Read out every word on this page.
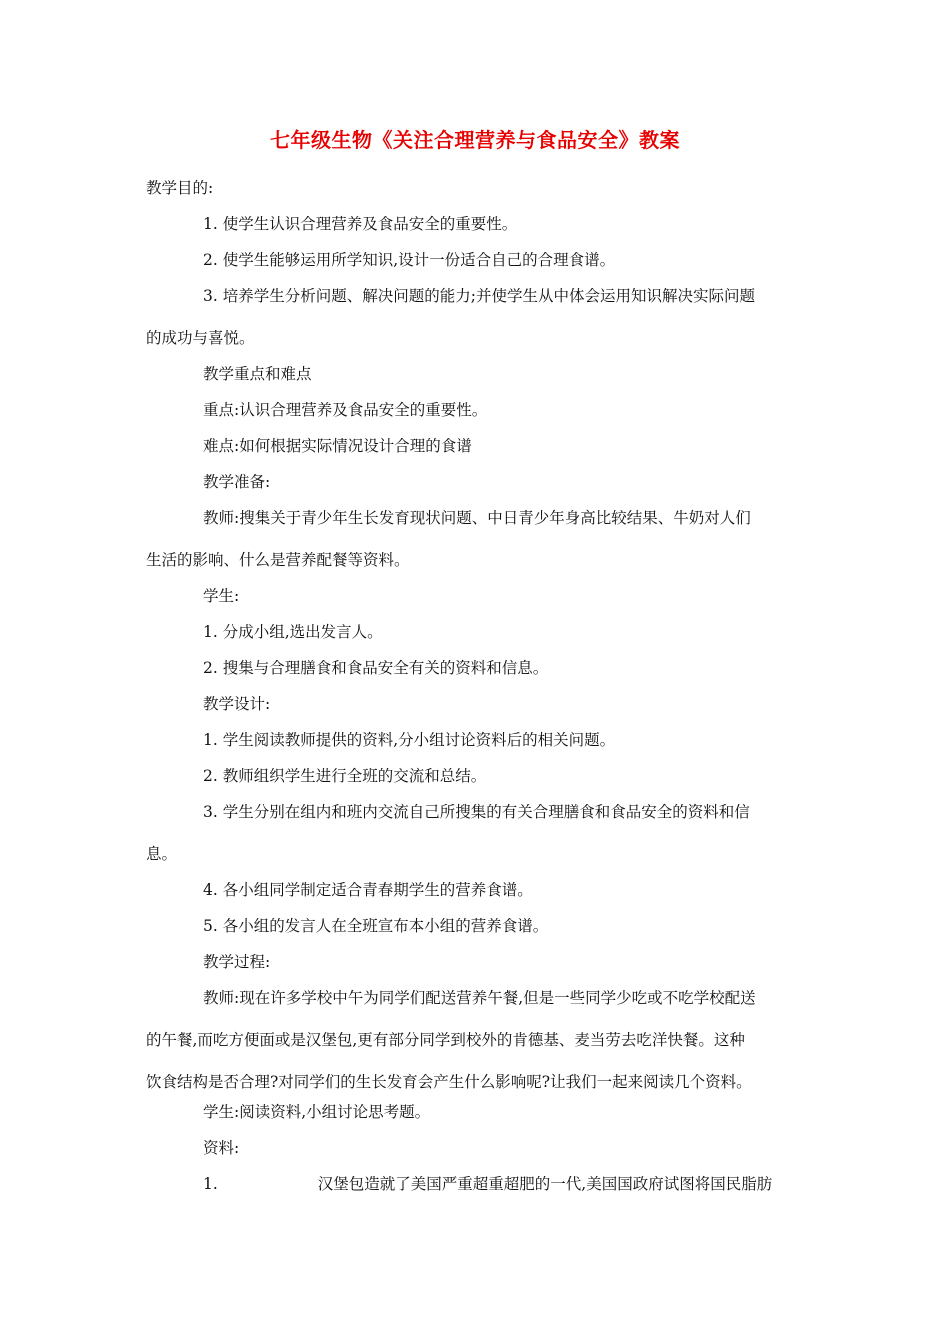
七年级生物《关注合理营养与食品安全》教案
教学目的:
1. 使学生认识合理营养及食品安全的重要性。
2. 使学生能够运用所学知识,设计一份适合自己的合理食谱。
3. 培养学生分析问题、解决问题的能力;并使学生从中体会运用知识解决实际问题
的成功与喜悦。
教学重点和难点
重点:认识合理营养及食品安全的重要性。
难点:如何根据实际情况设计合理的食谱
教学准备:
教师:搜集关于青少年生长发育现状问题、中日青少年身高比较结果、牛奶对人们
生活的影响、什么是营养配餐等资料。
学生:
1. 分成小组,选出发言人。
2. 搜集与合理膳食和食品安全有关的资料和信息。
教学设计:
1. 学生阅读教师提供的资料,分小组讨论资料后的相关问题。
2. 教师组织学生进行全班的交流和总结。
3. 学生分别在组内和班内交流自己所搜集的有关合理膳食和食品安全的资料和信
息。
4. 各小组同学制定适合青春期学生的营养食谱。
5. 各小组的发言人在全班宣布本小组的营养食谱。
教学过程:
教师:现在许多学校中午为同学们配送营养午餐,但是一些同学少吃或不吃学校配送
的午餐,而吃方便面或是汉堡包,更有部分同学到校外的肯德基、麦当劳去吃洋快餐。这种
饮食结构是否合理?对同学们的生长发育会产生什么影响呢?让我们一起来阅读几个资料。
学生:阅读资料,小组讨论思考题。
资料:
1.	汉堡包造就了美国严重超重超肥的一代,美国国政府试图将国民脂肪
